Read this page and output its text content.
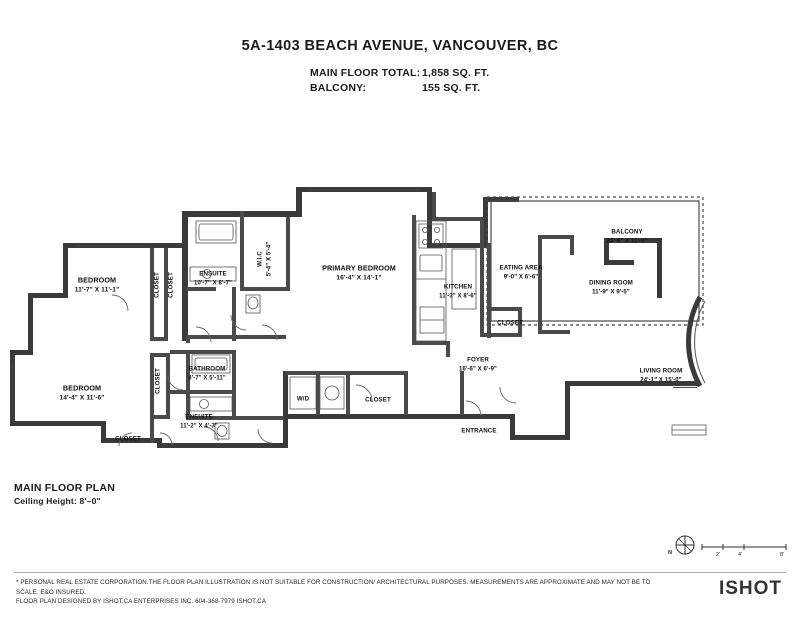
5A-1403 BEACH AVENUE, VANCOUVER, BC
MAIN FLOOR TOTAL: 1,858 SQ. FT.
BALCONY:	155 SQ. FT.
BEDROOM
11'-7" X 11'-1"
BEDROOM
14'-4" X 11'-6"
ENSUITE
10'-7" X 8'-7"
W.I.C 5'-4" X 5'-4"
CLOSET CLOSET
PRIMARY BEDROOM
16'-4" X 14'-1"
KITCHEN
11'-3" X 8'-6"
EATING AREA
9'-0" X 6'-6"
BALCONY
23'-6" X 11'-0"
DINING ROOM
11'-9" X 9'-5"
LIVING ROOM
24'-1" X 15'-0"
FOYER
16'-6" X 6'-9"
CLOSET
CLOSET
BATHROOM
8'-7" X 5'-11"
ENSUITE
11'-2" X 4'-3"
CLOSET
CLOSET
ENTRANCE
W/D
MAIN FLOOR PLAN
Ceiling Height: 8'–0"
N	2'	4'	8'
* PERSONAL REAL ESTATE CORPORATION.THE FLOOR PLAN ILLUSTRATION IS NOT SUITABLE FOR CONSTRUCTION/ ARCHITECTURAL PURPOSES. MEASUREMENTS ARE APPROXIMATE AND MAY NOT BE TO SCALE. E&O INSURED.
FLOOR PLAN DESIGNED BY ISHOT.CA ENTERPRISES INC. 604-368-7979 ISHOT.CA
ISHOT
